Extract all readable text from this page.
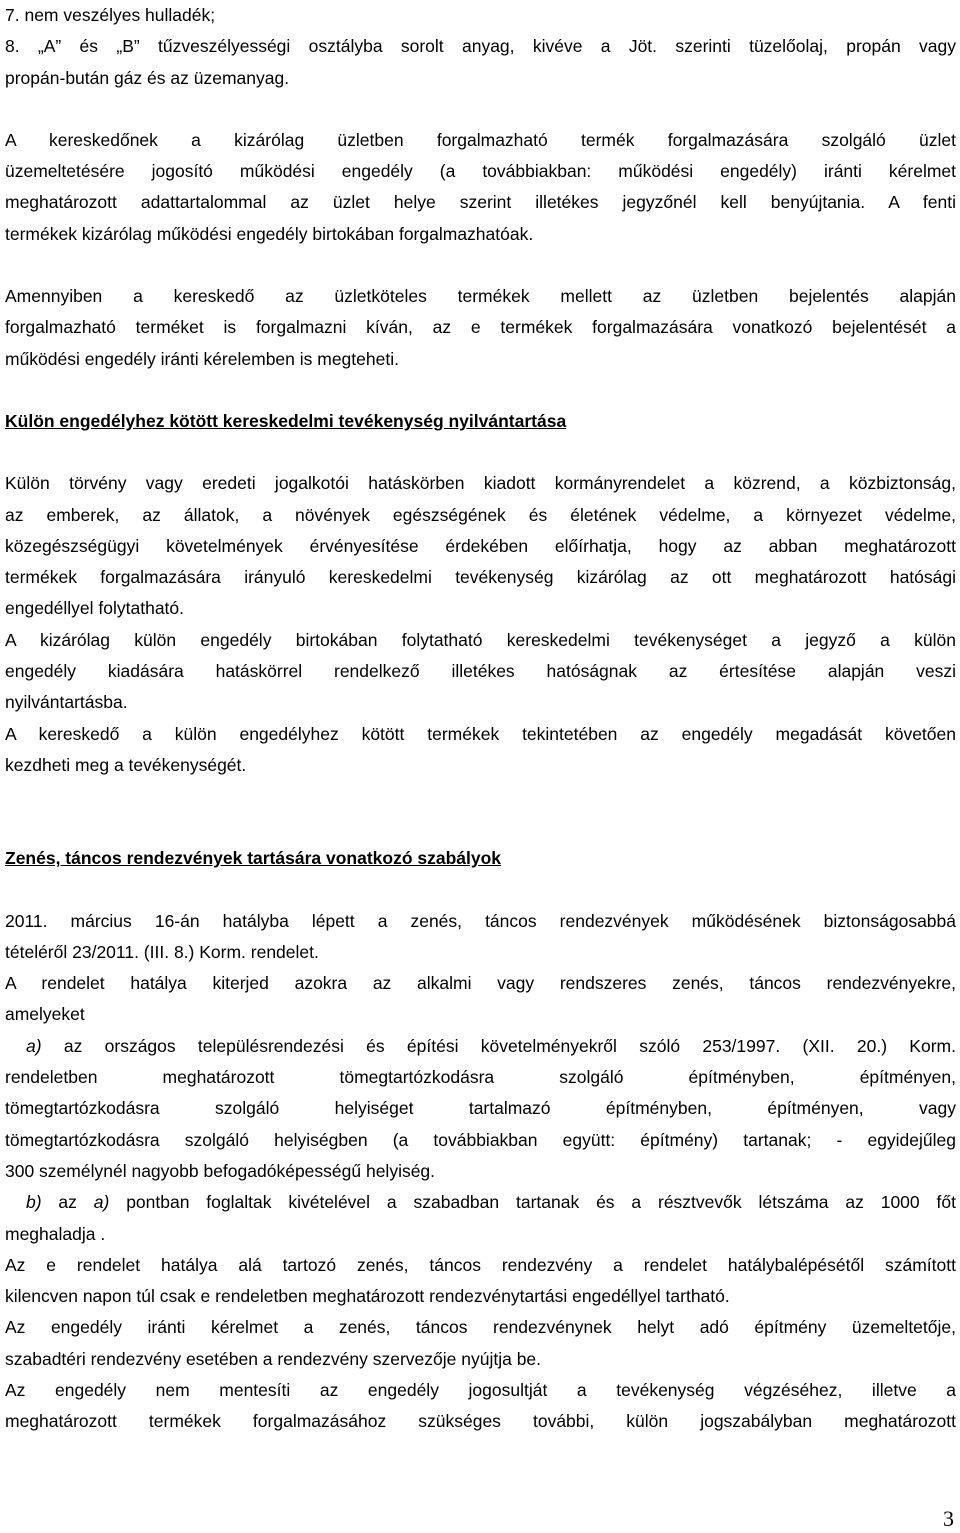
7. nem veszélyes hulladék;
8. „A” és „B” tűzveszélyességi osztályba sorolt anyag, kivéve a Jöt. szerinti tüzelőolaj, propán vagy
propán-bután gáz és az üzemanyag.
A kereskedőnek a kizárólag üzletben forgalmazható termék forgalmazására szolgáló üzlet
üzemeltetésére jogosító működési engedély (a továbbiakban: működési engedély) iránti kérelmet
meghatározott adattartalommal az üzlet helye szerint illetékes jegyzőnél kell benyújtania. A fenti
termékek kizárólag működési engedély birtokában forgalmazhatóak.
Amennyiben a kereskedő az üzletköteles termékek mellett az üzletben bejelentés alapján
forgalmazható terméket is forgalmazni kíván, az e termékek forgalmazására vonatkozó bejelentését a
működési engedély iránti kérelemben is megteheti.
Külön engedélyhez kötött kereskedelmi tevékenység nyilvántartása
Külön törvény vagy eredeti jogalkotói hatáskörben kiadott kormányrendelet a közrend, a közbiztonság,
az emberek, az állatok, a növények egészségének és életének védelme, a környezet védelme,
közegészségügyi követelmények érvényesítése érdekében előírhatja, hogy az abban meghatározott
termékek forgalmazására irányuló kereskedelmi tevékenység kizárólag az ott meghatározott hatósági
engedéllyel folytatható.
A kizárólag külön engedély birtokában folytatható kereskedelmi tevékenységet a jegyző a külön
engedély kiadására hatáskörrel rendelkező illetékes hatóságnak az értesítése alapján veszi
nyilvántartásba.
A kereskedő a külön engedélyhez kötött termékek tekintetében az engedély megadását követően
kezdheti meg a tevékenységét.
Zenés, táncos rendezvények tartására vonatkozó szabályok
2011. március 16-án hatályba lépett a zenés, táncos rendezvények működésének biztonságosabbá
tételéről 23/2011. (III. 8.) Korm. rendelet.
A rendelet hatálya kiterjed azokra az alkalmi vagy rendszeres zenés, táncos rendezvényekre,
amelyeket
a) az országos településrendezési és építési követelményekről szóló 253/1997. (XII. 20.) Korm.
rendeletben meghatározott tömegtartózkodásra szolgáló építményben, építményen,
tömegtartózkodásra szolgáló helyiséget tartalmazó építményben, építményen, vagy
tömegtartózkodásra szolgáló helyiségben (a továbbiakban együtt: építmény) tartanak; - egyidejűleg
300 személynél nagyobb befogadóképességű helyiség.
b) az a) pontban foglaltak kivételével a szabadban tartanak és a résztvevők létszáma az 1000 főt
meghaladja .
Az e rendelet hatálya alá tartozó zenés, táncos rendezvény a rendelet hatálybalépésétől számított
kilencven napon túl csak e rendeletben meghatározott rendezvénytartási engedéllyel tartható.
Az engedély iránti kérelmet a zenés, táncos rendezvénynek helyt adó építmény üzemeltetője,
szabadtéri rendezvény esetében a rendezvény szervezője nyújtja be.
Az engedély nem mentesíti az engedély jogosultját a tevékenység végzéséhez, illetve a
meghatározott termékek forgalmazásához szükséges további, külön jogszabályban meghatározott
3
